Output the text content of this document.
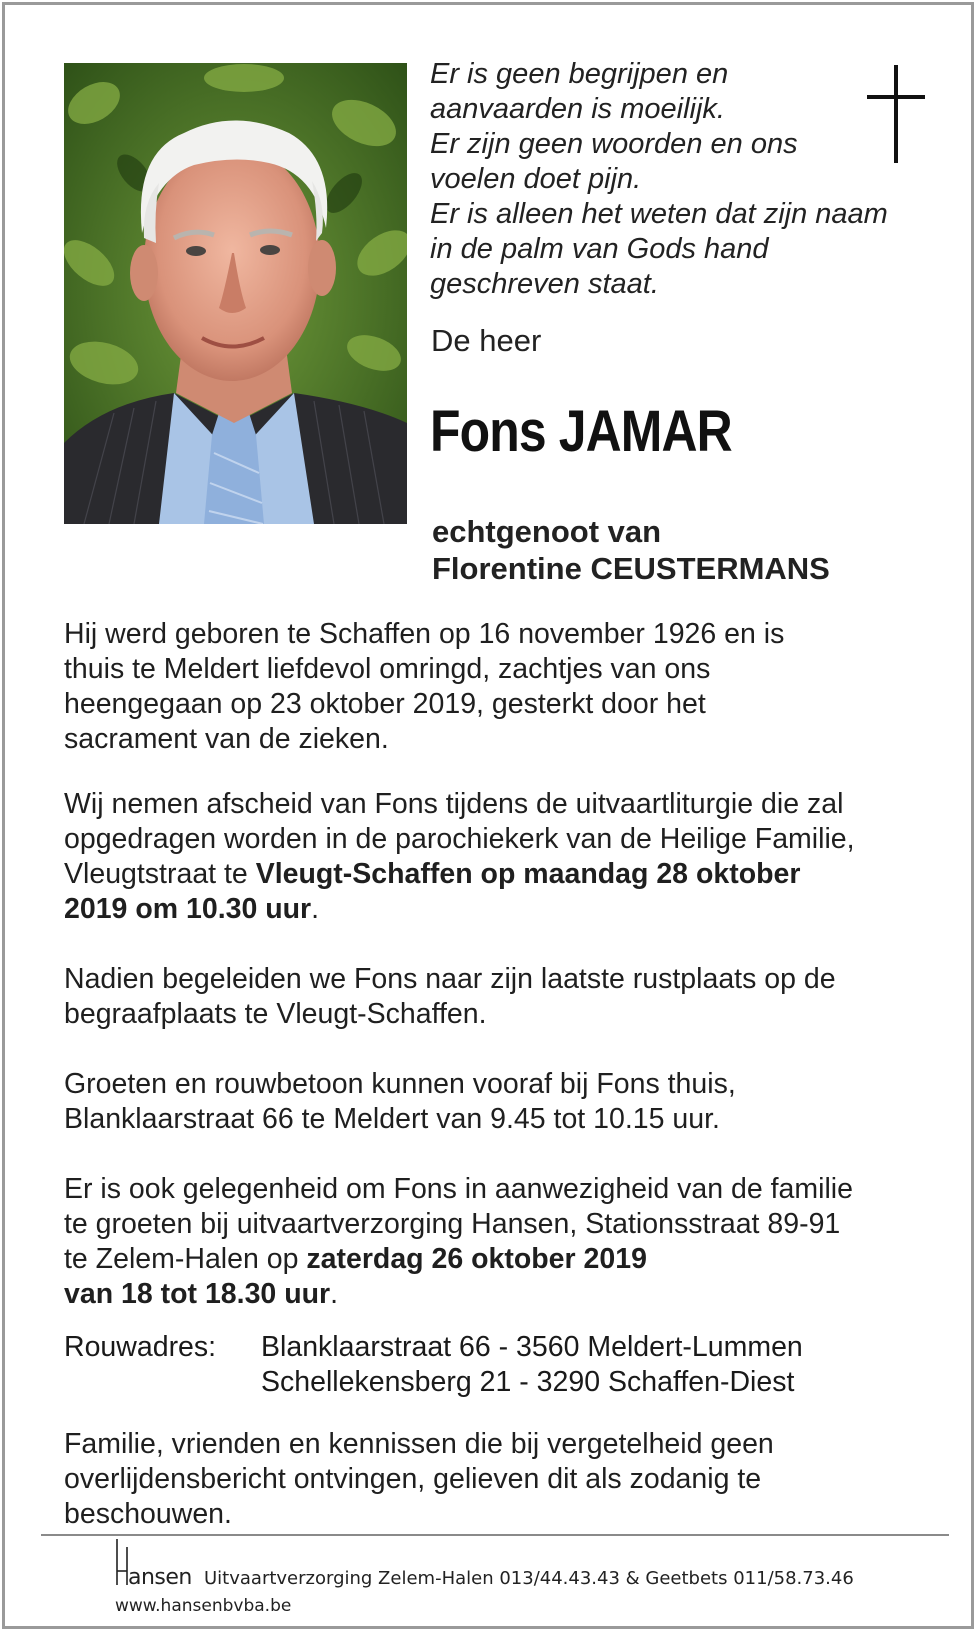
Er is geen begrijpen en
aanvaarden is moeilijk.
Er zijn geen woorden en ons
voelen doet pijn.
Er is alleen het weten dat zijn naam
in de palm van Gods hand
geschreven staat.
De heer
Fons JAMAR
echtgenoot van
Florentine CEUSTERMANS
Hij werd geboren te Schaffen op 16 november 1926 en is
thuis te Meldert liefdevol omringd, zachtjes van ons
heengegaan op 23 oktober 2019, gesterkt door het
sacrament van de zieken.
Wij nemen afscheid van Fons tijdens de uitvaartliturgie die zal
opgedragen worden in de parochiekerk van de Heilige Familie,
Vleugtstraat te Vleugt-Schaffen op maandag 28 oktober
2019 om 10.30 uur.
Nadien begeleiden we Fons naar zijn laatste rustplaats op de
begraafplaats te Vleugt-Schaffen.
Groeten en rouwbetoon kunnen vooraf bij Fons thuis,
Blanklaarstraat 66 te Meldert van 9.45 tot 10.15 uur.
Er is ook gelegenheid om Fons in aanwezigheid van de familie
te groeten bij uitvaartverzorging Hansen, Stationsstraat 89-91
te Zelem-Halen op zaterdag 26 oktober 2019
van 18 tot 18.30 uur.
Rouwadres: Blanklaarstraat 66 - 3560 Meldert-Lummen
Schellekensberg 21 - 3290 Schaffen-Diest
Familie, vrienden en kennissen die bij vergetelheid geen
overlijdensbericht ontvingen, gelieven dit als zodanig te
beschouwen.
ansen Uitvaartverzorging Zelem-Halen 013/44.43.43 & Geetbets 011/58.73.46
www.hansenbvba.be
